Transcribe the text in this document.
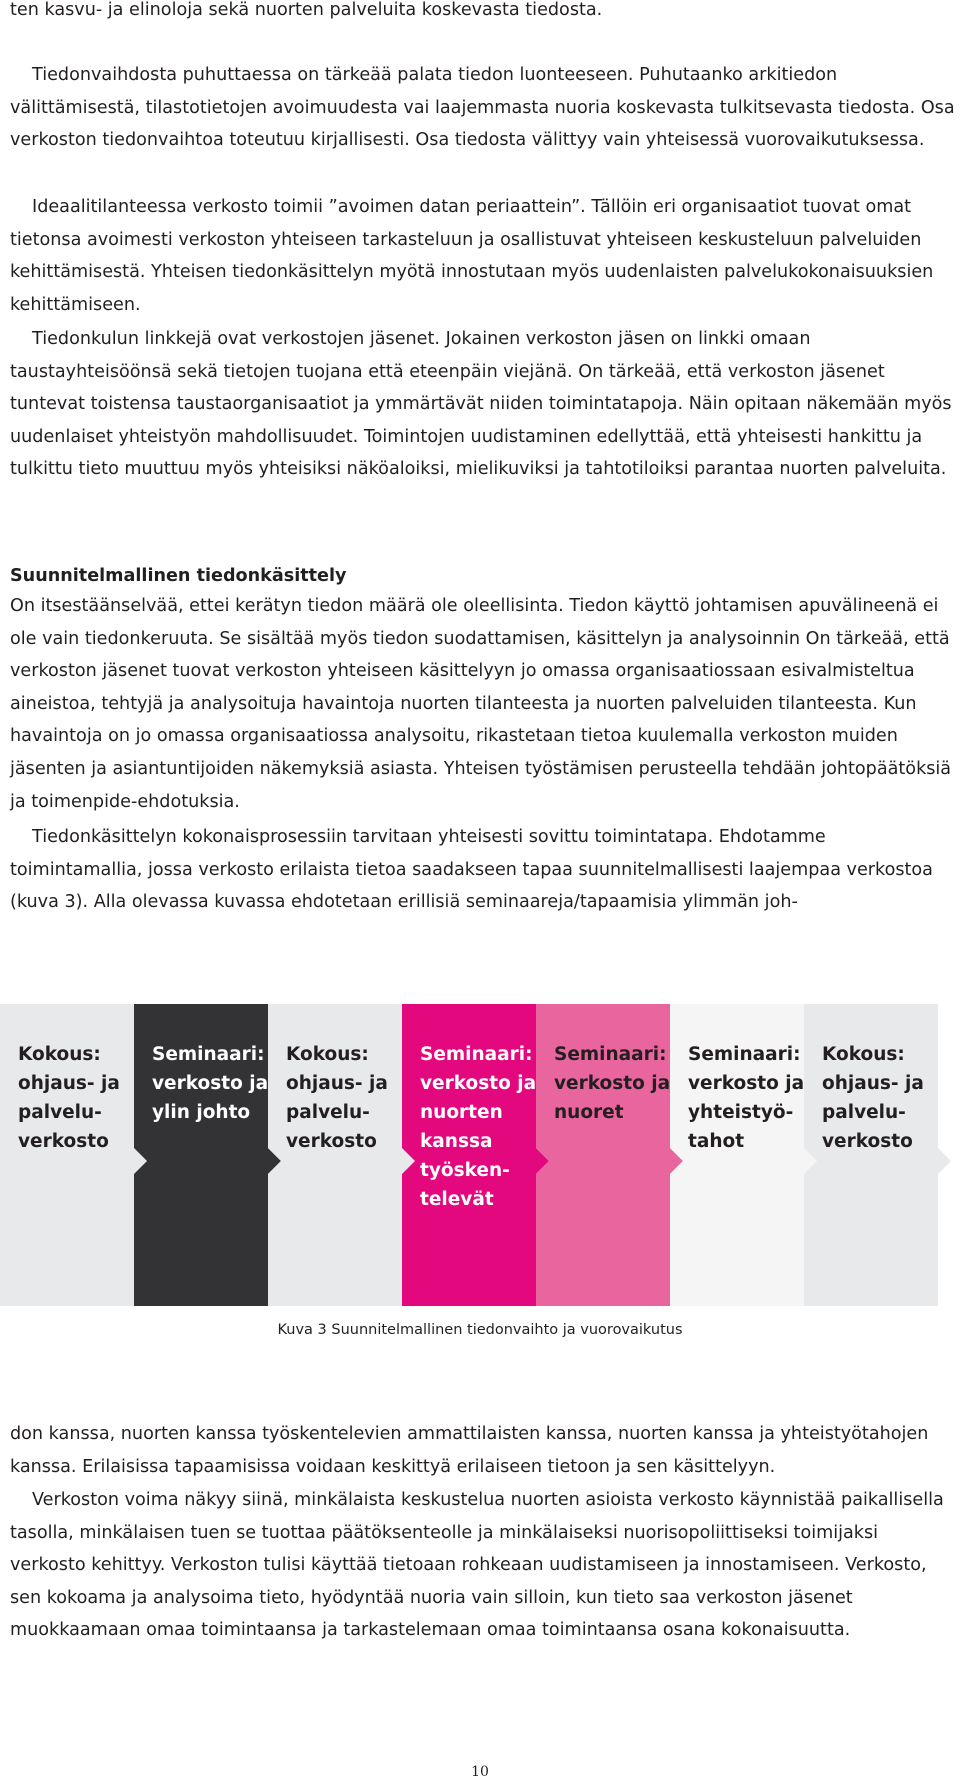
ten kasvu- ja elinoloja sekä nuorten palveluita koskevasta tiedosta.

Tiedonvaihdosta puhuttaessa on tärkeää palata tiedon luonteeseen. Puhutaanko arkitiedon välittämisestä, tilastotietojen avoimuudesta vai laajemmasta nuoria koskevasta tulkitsevasta tiedosta. Osa verkoston tiedonvaihtoa toteutuu kirjallisesti. Osa tiedosta välittyy vain yhteisessä vuorovaikutuksessa.

Ideaalitilanteessa verkosto toimii ”avoimen datan periaattein”. Tällöin eri organisaatiot tuovat omat tietonsa avoimesti verkoston yhteiseen tarkasteluun ja osallistuvat yhteiseen keskusteluun palveluiden kehittämisestä. Yhteisen tiedonkäsittelyn myötä innostutaan myös uudenlaisten palvelukokonaisuuksien kehittämiseen.

Tiedonkulun linkkejä ovat verkostojen jäsenet. Jokainen verkoston jäsen on linkki omaan taustayhteisöönsä sekä tietojen tuojana että eteenpäin viejänä. On tärkeää, että verkoston jäsenet tuntevat toistensa taustaorganisaatiot ja ymmärtävät niiden toimintatapoja. Näin opitaan näkemään myös uudenlaiset yhteistyön mahdollisuudet. Toimintojen uudistaminen edellyttää, että yhteisesti hankittu ja tulkittu tieto muuttuu myös yhteisiksi näköaloiksi, mielikuviksi ja tahtotiloiksi parantaa nuorten palveluita.

Suunnitelmallinen tiedonkäsittely

On itsestäänselvää, ettei kerätyn tiedon määrä ole oleellisinta. Tiedon käyttö johtamisen apuvälineenä ei ole vain tiedonkeruuta. Se sisältää myös tiedon suodattamisen, käsittelyn ja analysoinnin On tärkeää, että verkoston jäsenet tuovat verkoston yhteiseen käsittelyyn jo omassa organisaatiossaan esivalmisteltua aineistoa, tehtyjä ja analysoituja havaintoja nuorten tilanteesta ja nuorten palveluiden tilanteesta. Kun havaintoja on jo omassa organisaatiossa analysoitu, rikastetaan tietoa kuulemalla verkoston muiden jäsenten ja asiantuntijoiden näkemyksiä asiasta. Yhteisen työstämisen perusteella tehdään johtopäätöksiä ja toimenpide-ehdotuksia.

Tiedonkäsittelyn kokonaisprosessiin tarvitaan yhteisesti sovittu toimintatapa. Ehdotamme toimintamallia, jossa verkosto erilaista tietoa saadakseen tapaa suunnitelmallisesti laajempaa verkostoa (kuva 3). Alla olevassa kuvassa ehdotetaan erillisiä seminaareja/tapaamisia ylimmän joh-

Kokous:
ohjaus- ja
palvelu-
verkosto
Seminaari:
verkosto ja
ylin johto
Kokous:
ohjaus- ja
palvelu-
verkosto
Seminaari:
verkosto ja
nuorten
kanssa
työsken-
televät
Seminaari:
verkosto ja
nuoret
Seminaari:
verkosto ja
yhteistyö-
tahot
Kokous:
ohjaus- ja
palvelu-
verkosto
Kuva 3 Suunnitelmallinen tiedonvaihto ja vuorovaikutus

don kanssa, nuorten kanssa työskentelevien ammattilaisten kanssa, nuorten kanssa ja yhteistyötahojen kanssa. Erilaisissa tapaamisissa voidaan keskittyä erilaiseen tietoon ja sen käsittelyyn.

Verkoston voima näkyy siinä, minkälaista keskustelua nuorten asioista verkosto käynnistää paikallisella tasolla, minkälaisen tuen se tuottaa päätöksenteolle ja minkälaiseksi nuorisopoliittiseksi toimijaksi verkosto kehittyy. Verkoston tulisi käyttää tietoaan rohkeaan uudistamiseen ja innostamiseen. Verkosto, sen kokoama ja analysoima tieto, hyödyntää nuoria vain silloin, kun tieto saa verkoston jäsenet muokkaamaan omaa toimintaansa ja tarkastelemaan omaa toimintaansa osana kokonaisuutta.

10
